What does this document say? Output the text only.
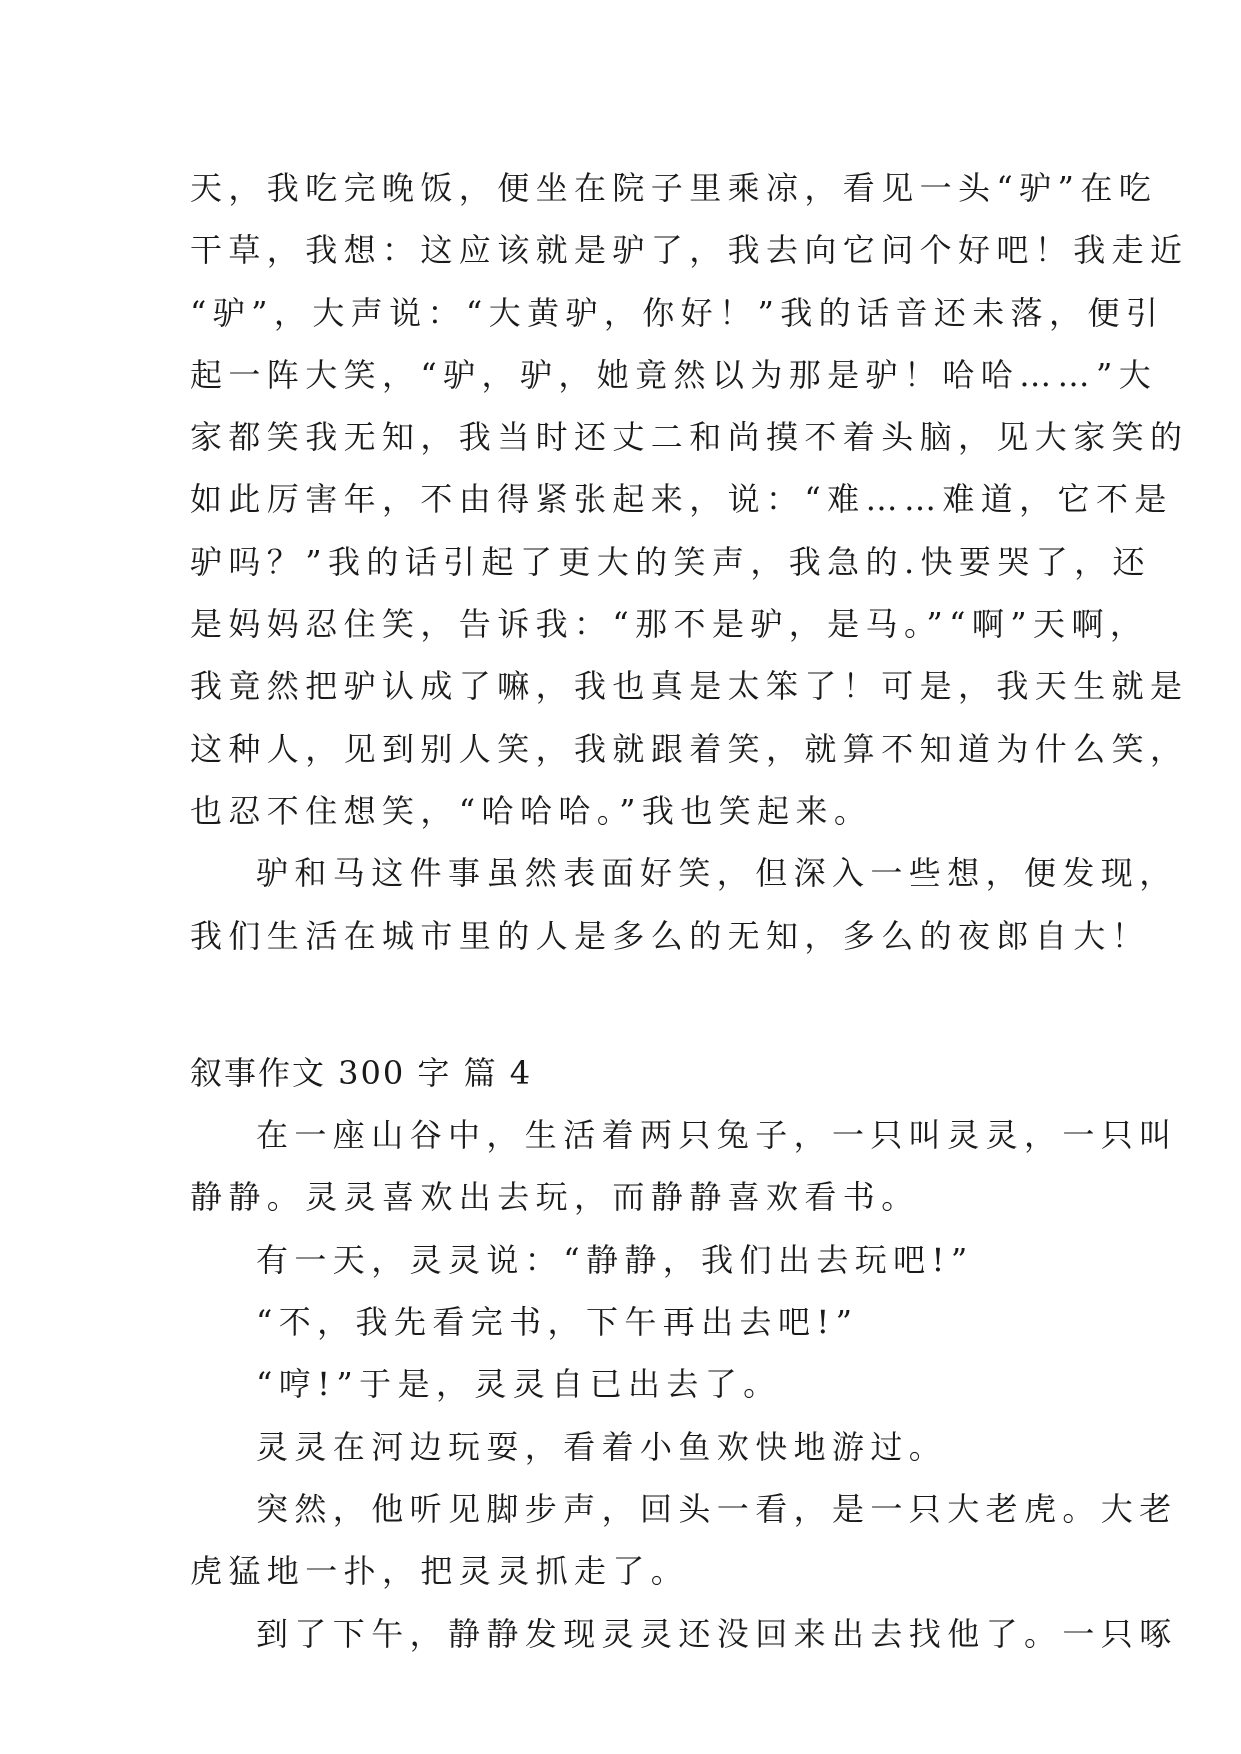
天，我吃完晚饭，便坐在院子里乘凉，看见一头“驴”在吃
干草，我想：这应该就是驴了，我去向它问个好吧！我走近
“驴”，大声说：“大黄驴，你好！”我的话音还未落，便引
起一阵大笑，“驴，驴，她竟然以为那是驴！哈哈……”大
家都笑我无知，我当时还丈二和尚摸不着头脑，见大家笑的
如此厉害年，不由得紧张起来，说：“难……难道，它不是
驴吗？”我的话引起了更大的笑声，我急的.快要哭了，还
是妈妈忍住笑，告诉我：“那不是驴，是马。”“啊”天啊，
我竟然把驴认成了嘛，我也真是太笨了！可是，我天生就是
这种人，见到别人笑，我就跟着笑，就算不知道为什么笑，
也忍不住想笑，“哈哈哈。”我也笑起来。
驴和马这件事虽然表面好笑，但深入一些想，便发现，
我们生活在城市里的人是多么的无知，多么的夜郎自大！
叙事作文 300 字 篇 4
在一座山谷中，生活着两只兔子，一只叫灵灵，一只叫
静静。灵灵喜欢出去玩，而静静喜欢看书。
有一天，灵灵说：“静静，我们出去玩吧!”
“不，我先看完书，下午再出去吧!”
“哼!”于是，灵灵自已出去了。
灵灵在河边玩耍，看着小鱼欢快地游过。
突然，他听见脚步声，回头一看，是一只大老虎。大老
虎猛地一扑，把灵灵抓走了。
到了下午，静静发现灵灵还没回来出去找他了。一只啄
